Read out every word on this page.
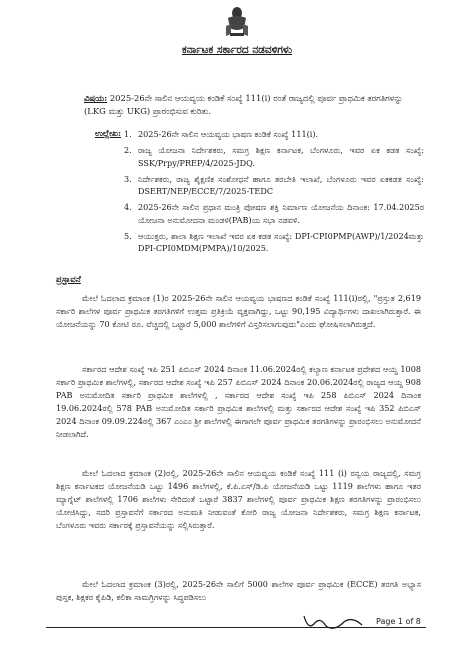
ಕರ್ನಾಟಕ ಸರ್ಕಾರದ ನಡವಳಿಗಳು
ವಿಷಯ: 2025-26ನೇ ಸಾಲಿನ ಆಯವ್ಯಯ ಕಂಡಿಕೆ ಸಂಖ್ಯೆ 111(i) ರಂತೆ ರಾಜ್ಯದಲ್ಲಿ ಪೂರ್ವ ಪ್ರಾಥಮಿಕ ತರಗತಿಗಳನ್ನು (LKG ಮತ್ತು UKG) ಪ್ರಾರಂಭಿಸುವ ಕುರಿತು.
ಉಲ್ಲೇಖ: 1. 2025-26ನೇ ಸಾಲಿನ ಆಯವ್ಯಯ ಭಾಷಣ ಕಂಡಿಕೆ ಸಂಖ್ಯೆ 111(i).
2. ರಾಜ್ಯ ಯೋಜನಾ ನಿರ್ದೇಶಕರು, ಸಮಗ್ರ ಶಿಕ್ಷಣ ಕರ್ನಾಟಕ, ಬೆಂಗಳೂರು, ಇವರ ಏಕ ಕಡತ ಸಂಖ್ಯೆ: SSK/Prpy/PREP/4/2025-JDQ.
3. ನಿರ್ದೇಶಕರು, ರಾಜ್ಯ ಶೈಕ್ಷಣಿಕ ಸಂಶೋಧನೆ ಹಾಗೂ ತರಬೇತಿ ಇಲಾಖೆ, ಬೆಂಗಳೂರು ಇವರ ಏಕಕಡತ ಸಂಖ್ಯೆ: DSERT/NEP/ECCE/7/2025-TEDC
4. 2025-26ನೇ ಸಾಲಿನ ಪ್ರಧಾನ ಮಂತ್ರಿ ಪೋಷಣ ಶಕ್ತಿ ನಿರ್ಮಾಣ ಯೋಜನೆಯ ದಿನಾಂಕ: 17.04.2025ರ ಯೋಜನಾ ಅನುಮೋದನಾ ಮಂಡಳಿ(PAB)ಯ ಸಭಾ ನಡವಳಿ.
5. ಆಯುಕ್ತರು, ಶಾಲಾ ಶಿಕ್ಷಣ ಇಲಾಖೆ ಇವರ ಏಕ ಕಡತ ಸಂಖ್ಯೆ: DPI-CPI0PMP(AWP)/1/2024ಮತ್ತು DPI-CPI0MDM(PMPA)/10/2025.
ಪ್ರಸ್ತಾವನೆ

ಮೇಲೆ ಓದಲಾದ ಕ್ರಮಾಂಕ (1)ರ 2025-26ನೇ ಸಾಲಿನ ಆಯವ್ಯಯ ಭಾಷಣದ ಕಂಡಿಕೆ ಸಂಖ್ಯೆ 111(i)ರಲ್ಲಿ, "ಪ್ರಸ್ತುತ 2,619 ಸರ್ಕಾರಿ ಶಾಲೆಗಳ ಪೂರ್ವ ಪ್ರಾಥಮಿಕ ತರಗತಿಗಳಿಗೆ ಉತ್ತಮ ಪ್ರತಿಕ್ರಿಯೆ ವ್ಯಕ್ತವಾಗಿದ್ದು, ಒಟ್ಟು 90,195 ವಿದ್ಯಾರ್ಥಿಗಳು ದಾಖಲಾಗಿರುತ್ತಾರೆ. ಈ ಯೋಜನೆಯನ್ನು 70 ಕೋಟಿ ರೂ. ವೆಚ್ಚದಲ್ಲಿ ಒಟ್ಟಾರೆ 5,000 ಶಾಲೆಗಳಿಗೆ ವಿಸ್ತರಿಸಲಾಗುವುದು"ಎಂದು ಘೋಷಿಸಲಾಗಿರುತ್ತದೆ.

ಸರ್ಕಾರದ ಆದೇಶ ಸಂಖ್ಯೆ ಇಪಿ 251 ಪಿಬಿಎಸ್ 2024 ದಿನಾಂಕ 11.06.2024ರಲ್ಲಿ ಕಲ್ಯಾಣ ಕರ್ನಾಟಕ ಪ್ರದೇಶದ ಆಯ್ದ 1008 ಸರ್ಕಾರಿ ಪ್ರಾಥಮಿಕ ಶಾಲೆಗಳಲ್ಲಿ, ಸರ್ಕಾರದ ಆದೇಶ ಸಂಖ್ಯೆ ಇಪಿ 257 ಪಿಬಿಎಸ್ 2024 ದಿನಾಂಕ 20.06.2024ರಲ್ಲಿ ರಾಜ್ಯದ ಆಯ್ದ 908 PAB ಅನುಮೋದಿತ ಸರ್ಕಾರಿ ಪ್ರಾಥಮಿಕ ಶಾಲೆಗಳಲ್ಲಿ , ಸರ್ಕಾರದ ಆದೇಶ ಸಂಖ್ಯೆ ಇಪಿ 258 ಪಿಬಿಎಸ್ 2024 ದಿನಾಂಕ 19.06.2024ರಲ್ಲಿ 578 PAB ಅನುಮೋದಿತ ಸರ್ಕಾರಿ ಪ್ರಾಥಮಿಕ ಶಾಲೆಗಳಲ್ಲಿ ಮತ್ತು ಸರ್ಕಾರದ ಆದೇಶ ಸಂಖ್ಯೆ ಇಪಿ 352 ಪಿಬಿಎಸ್ 2024 ದಿನಾಂಕ 09.09.224ರಲ್ಲಿ 367 ಎಂಎಂ ಶ್ರೀ ಶಾಲೆಗಳಲ್ಲಿ ಈಗಾಗಲೇ ಪೂರ್ವ ಪ್ರಾಥಮಿಕ ತರಗತಿಗಳನ್ನು ಪ್ರಾರಂಭಿಸಲು ಅನುಮೋದನೆ ನೀಡಲಾಗಿದೆ.

ಮೇಲೆ ಓದಲಾದ ಕ್ರಮಾಂಕ (2)ರಲ್ಲಿ, 2025-26ನೇ ಸಾಲಿನ ಆಯವ್ಯಯ ಕಂಡಿಕೆ ಸಂಖ್ಯೆ 111 (i) ರನ್ವಯ ರಾಜ್ಯದಲ್ಲಿ, ಸಮಗ್ರ ಶಿಕ್ಷಣ ಕರ್ನಾಟಕದ ಯೋಜನೆಯಡಿ ಒಟ್ಟು 1496 ಶಾಲೆಗಳಲ್ಲಿ, ಕೆ.ಪಿ.ಎಸ್/ಡಿ.ಪಿ ಯೋಜನೆಯಡಿ ಒಟ್ಟು 1119 ಶಾಲೆಗಳು ಹಾಗೂ ಇತರ ಮ್ಯಾಗ್ನೆಟ್ ಶಾಲೆಗಳಲ್ಲಿ 1706 ಶಾಲೆಗಳು ಸೇರಿದಂತೆ ಒಟ್ಟಾರೆ 3837 ಶಾಲೆಗಳಲ್ಲಿ ಪೂರ್ವ ಪ್ರಾಥಮಿಕ ಶಿಕ್ಷಣ ತರಗತಿಗಳನ್ನು ಪ್ರಾರಂಭಿಸಲು ಯೋಜಿಸಿದ್ದು, ಸದರಿ ಪ್ರಸ್ತಾವನೆಗೆ ಸರ್ಕಾರದ ಅನುಮತಿ ನೀಡುವಂತೆ ಕೋರಿ ರಾಜ್ಯ ಯೋಜನಾ ನಿರ್ದೇಶಕರು, ಸಮಗ್ರ ಶಿಕ್ಷಣ ಕರ್ನಾಟಕ, ಬೆಂಗಳೂರು ಇವರು ಸರ್ಕಾರಕ್ಕೆ ಪ್ರಸ್ತಾವನೆಯನ್ನು ಸಲ್ಲಿಸಿರುತ್ತಾರೆ.

ಮೇಲೆ ಓದಲಾದ ಕ್ರಮಾಂಕ (3)ರಲ್ಲಿ, 2025-26ನೇ ಸಾಲಿಗೆ 5000 ಶಾಲೆಗಳ ಪೂರ್ವ ಪ್ರಾಥಮಿಕ (ECCE) ತರಗತಿ ಅಭ್ಯಾಸ ಪುಸ್ತಕ, ಶಿಕ್ಷಕರ ಕೈಪಿಡಿ, ಕಲಿಕಾ ಸಾಮಗ್ರಿಗಳನ್ನು ಸಿದ್ಧಪಡಿಸಲು

Page 1 of 8
